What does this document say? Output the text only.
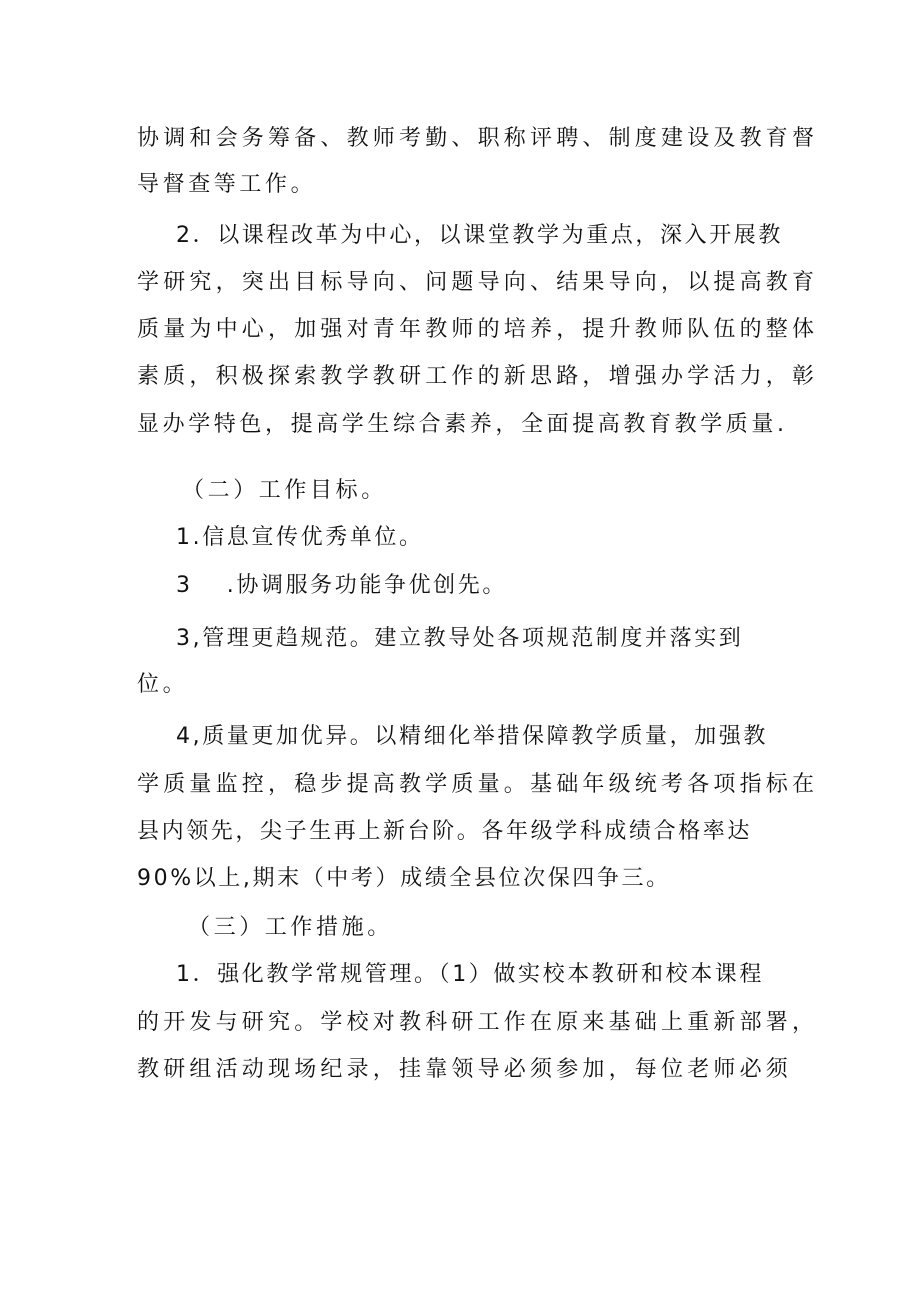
协调和会务筹备、教师考勤、职称评聘、制度建设及教育督
导督查等工作。
2．以课程改革为中心，以课堂教学为重点，深入开展教
学研究，突出目标导向、问题导向、结果导向，以提高教育
质量为中心，加强对青年教师的培养，提升教师队伍的整体
素质，积极探索教学教研工作的新思路，增强办学活力，彰
显办学特色，提高学生综合素养，全面提高教育教学质量.
（二）工作目标。
1.信息宣传优秀单位。
3　 .协调服务功能争优创先。
3,管理更趋规范。建立教导处各项规范制度并落实到
位。
4,质量更加优异。以精细化举措保障教学质量，加强教
学质量监控，稳步提高教学质量。基础年级统考各项指标在
县内领先，尖子生再上新台阶。各年级学科成绩合格率达
90%以上,期末（中考）成绩全县位次保四争三。
（三）工作措施。
1．强化教学常规管理。（1）做实校本教研和校本课程
的开发与研究。学校对教科研工作在原来基础上重新部署，
教研组活动现场纪录，挂靠领导必须参加，每位老师必须
